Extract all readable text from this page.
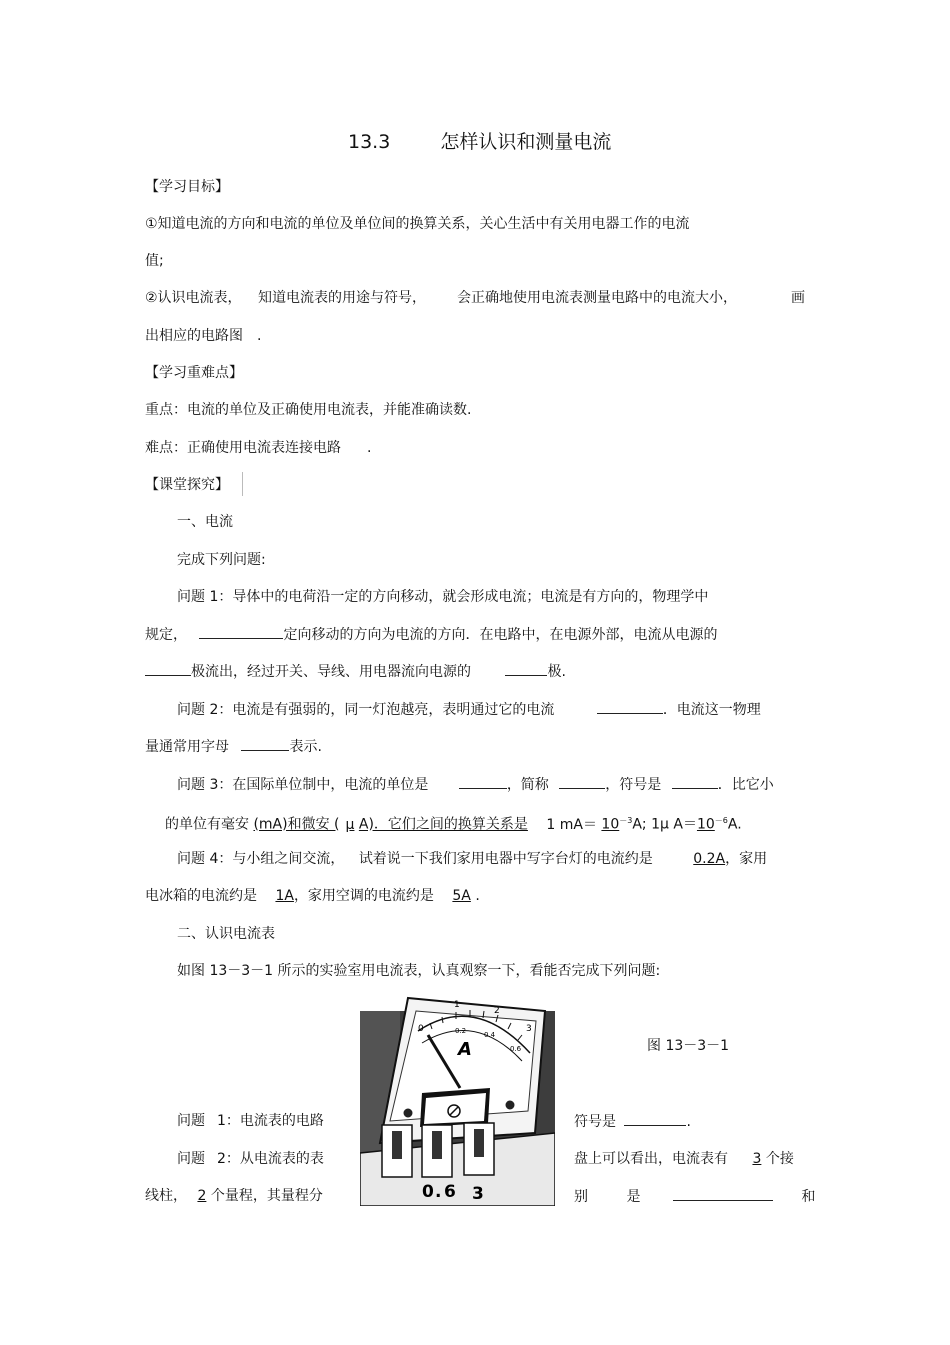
13.3	怎样认识和测量电流
【学习目标】
①知道电流的方向和电流的单位及单位间的换算关系，关心生活中有关用电器工作的电流
值;
②认识电流表， 知道电流表的用途与符号， 会正确地使用电流表测量电路中的电流大小，	画
出相应的电路图 .
【学习重难点】
重点：电流的单位及正确使用电流表，并能准确读数.
难点：正确使用电流表连接电路 .
【课堂探究】
一、电流
完成下列问题:
问题 1：导体中的电荷沿一定的方向移动，就会形成电流；电流是有方向的，物理学中
规定，	定向移动的方向为电流的方向．在电路中，在电源外部，电流从电源的
极流出，经过开关、导线、用电器流向电源的	极.
问题 2：电流是有强弱的，同一灯泡越亮，表明通过它的电流	．电流这一物理
量通常用字母	表示.
问题 3：在国际单位制中，电流的单位是	，简称	，符号是	．比它小
的单位有毫安 (mA)和微安 ( μ A)．它们之间的换算关系是 1 $mA= 10^{-3}A$; 1μ $A=10^{-6}A$.
问题 4：与小组之间交流， 试着说一下我们家用电器中写字台灯的电流约是	0.2A，家用
电冰箱的电流约是 1A，家用空调的电流约是 5A .
二、认识电流表
如图 13－3－1 所示的实验室用电流表，认真观察一下，看能否完成下列问题:
0
1
2
3
0.2	0.4
0.6
A
0 . 6 3
图 13－3－1
问题 1：电流表的电路	符号是	.
问题 2：从电流表的表	盘上可以看出，电流表有 3 个接
线柱， 2 个量程，其量程分	别	是	和
